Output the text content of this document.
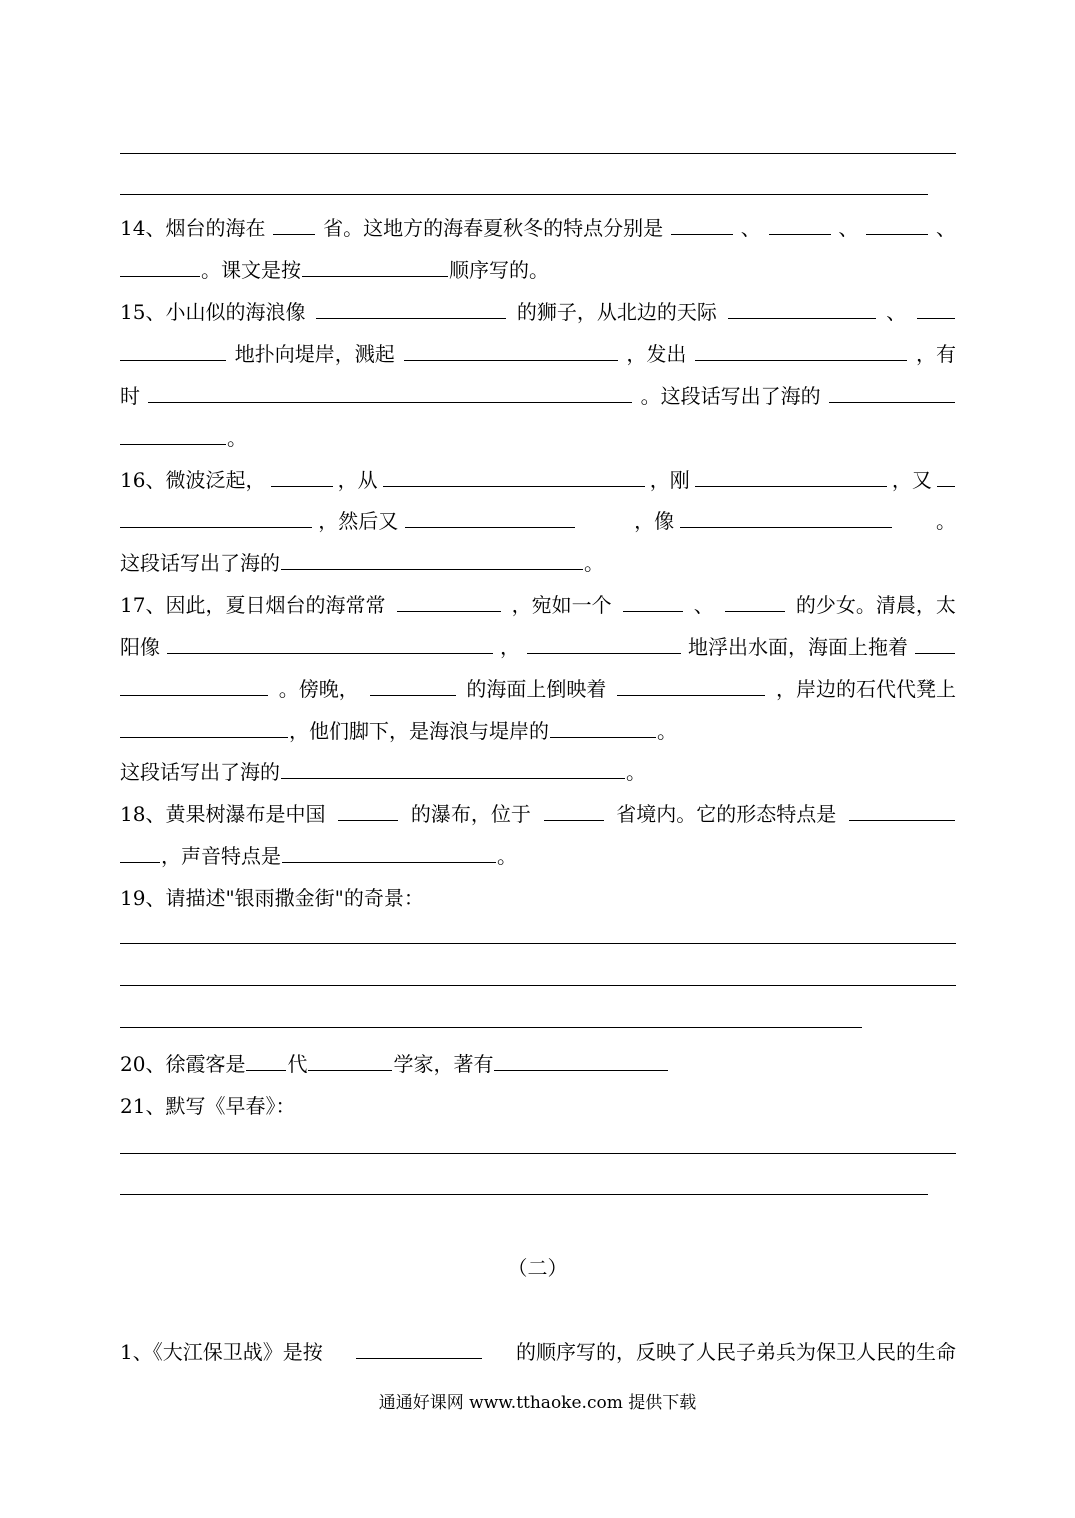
14、烟台的海在	省。这地方的海春夏秋冬的特点分别是	、	、	、
。课文是按	顺序写的。
15、小山似的海浪像	的狮子，从北边的天际	、
地扑向堤岸，溅起	，发出	，有
时	。这段话写出了海的
。
16、微波泛起，	，从	，刚	，又
，然后又	，像	。
这段话写出了海的	。
17、因此，夏日烟台的海常常	，宛如一个	、	的少女。清晨，太
阳像	，	地浮出水面，海面上拖着
。傍晚，	的海面上倒映着	，岸边的石代代凳上
，他们脚下，是海浪与堤岸的	。
这段话写出了海的	。
18、黄果树瀑布是中国	的瀑布，位于	省境内。它的形态特点是
，声音特点是	。
19、请描述"银雨撒金街"的奇景：
20、徐霞客是 代	学家，著有
21、默写《早春》：
（二）
1、《大江保卫战》是按	的顺序写的，反映了人民子弟兵为保卫人民的生命
通通好课网 www.tthaoke.com 提供下载
